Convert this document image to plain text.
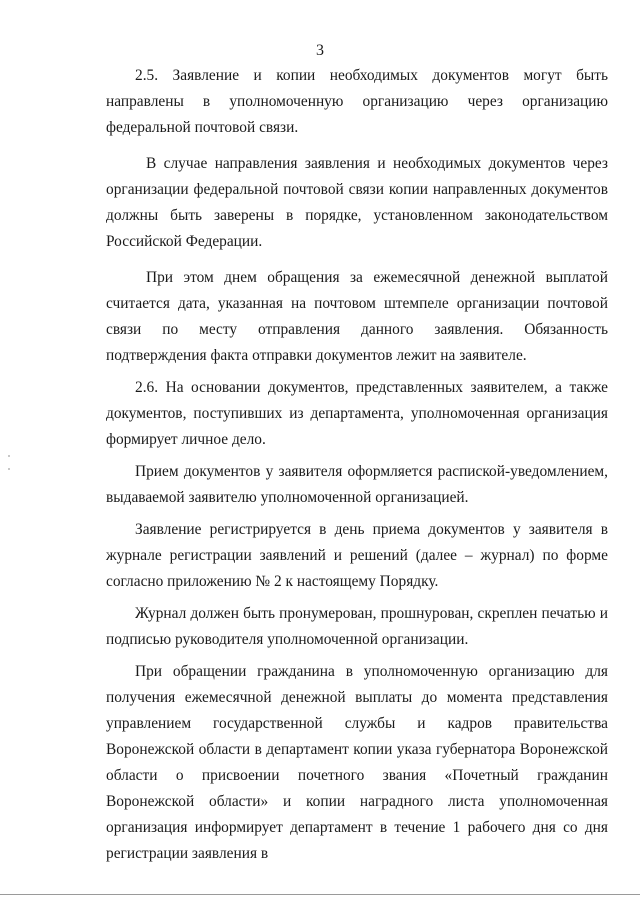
3

2.5. Заявление и копии необходимых документов могут быть направлены в уполномоченную организацию через организацию федеральной почтовой связи.

В случае направления заявления и необходимых документов через организации федеральной почтовой связи копии направленных документов должны быть заверены в порядке, установленном законодательством Российской Федерации.

При этом днем обращения за ежемесячной денежной выплатой считается дата, указанная на почтовом штемпеле организации почтовой связи по месту отправления данного заявления. Обязанность подтверждения факта отправки документов лежит на заявителе.

2.6. На основании документов, представленных заявителем, а также документов, поступивших из департамента, уполномоченная организация формирует личное дело.

Прием документов у заявителя оформляется распиской-уведомлением, выдаваемой заявителю уполномоченной организацией.

Заявление регистрируется в день приема документов у заявителя в журнале регистрации заявлений и решений (далее – журнал) по форме согласно приложению № 2 к настоящему Порядку.

Журнал должен быть пронумерован, прошнурован, скреплен печатью и подписью руководителя уполномоченной организации.

При обращении гражданина в уполномоченную организацию для получения ежемесячной денежной выплаты до момента представления управлением государственной службы и кадров правительства Воронежской области в департамент копии указа губернатора Воронежской области о присвоении почетного звания «Почетный гражданин Воронежской области» и копии наградного листа уполномоченная организация информирует департамент в течение 1 рабочего дня со дня регистрации заявления в
